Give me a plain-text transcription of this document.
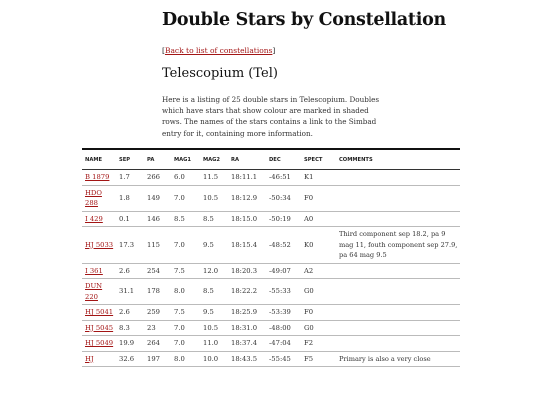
Double Stars by Constellation
[Back to list of constellations]
Telescopium (Tel)
Here is a listing of 25 double stars in Telescopium. Doubles which have stars that show colour are marked in shaded rows. The names of the stars contains a link to the Simbad entry for it, containing more information.
NAME	SEP	PA	MAG1	MAG2	RA	DEC	SPECT	COMMENTS
B 1879	1.7	266	6.0	11.5	18:11.1	-46:51	K1	
HDO 288	1.8	149	7.0	10.5	18:12.9	-50:34	F0	
I 429	0.1	146	8.5	8.5	18:15.0	-50:19	A0	
HJ 5033	17.3	115	7.0	9.5	18:15.4	-48:52	K0	Third component sep 18.2, pa 9 mag 11, fouth component sep 27.9, pa 64 mag 9.5
I 361	2.6	254	7.5	12.0	18:20.3	-49:07	A2	
DUN 220	31.1	178	8.0	8.5	18:22.2	-55:33	G0	
HJ 5041	2.6	259	7.5	9.5	18:25.9	-53:39	F0	
HJ 5045	8.3	23	7.0	10.5	18:31.0	-48:00	G0	
HJ 5049	19.9	264	7.0	11.0	18:37.4	-47:04	F2	
HJ	32.6	197	8.0	10.0	18:43.5	-55:45	F5	Primary is also a very close
